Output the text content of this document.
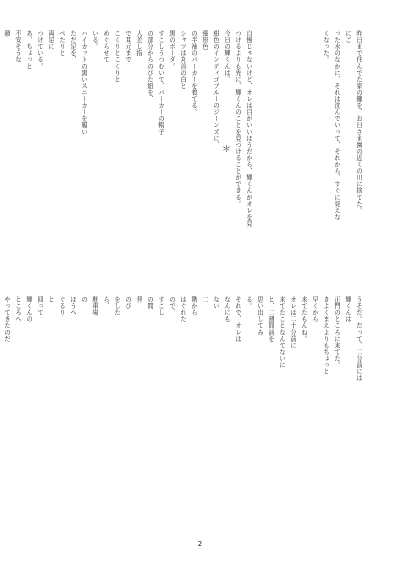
昨日まで住んでた家の鍵を、お日さま園の近くの川に捨てた。
にご
った水のなかに、それは沈んでいって、それから、すぐに見えな
くなった。
自慢じゃないけど、オレは目がいいほうだから、輝くんがオレを見
つけるよりも先に、輝くんのことを見つけることができる。
今日の輝くんは、
紺色のインディゴブルーのジーンズに、
細形色
の半袖のパーカーを着てる。
シャツは丸首の白と
黒のボーダ。
すこしうつむいて、パーカーの帽子
の部分からのびた紐を、
人差し指
で耳元まで
こくりとこくりと
めぐらせて
いる。
ハイカットの黒いスニーカーを履い
ただ足を、
ぺたりと
両足に
つけている。
あ、ちょっと
不安そうな
顔
＊
うそだ。だって、二分前には
輝くんは
正門のところに来てた。
きよくまえよりもちょっと
早くから
来てたもんね。
オレは二十分前に
来てたことなんてないに
と、二週間前を
思い出してみ
る。
それで、オレは
なんにも
ない
二
階から
はぐれた
ので、
すこし
の間
背
のび
をした
ら、
駐車場
の
ほうへ
ぐるり
と
回って
輝くんの
ところへ
やってきたのだ
2
